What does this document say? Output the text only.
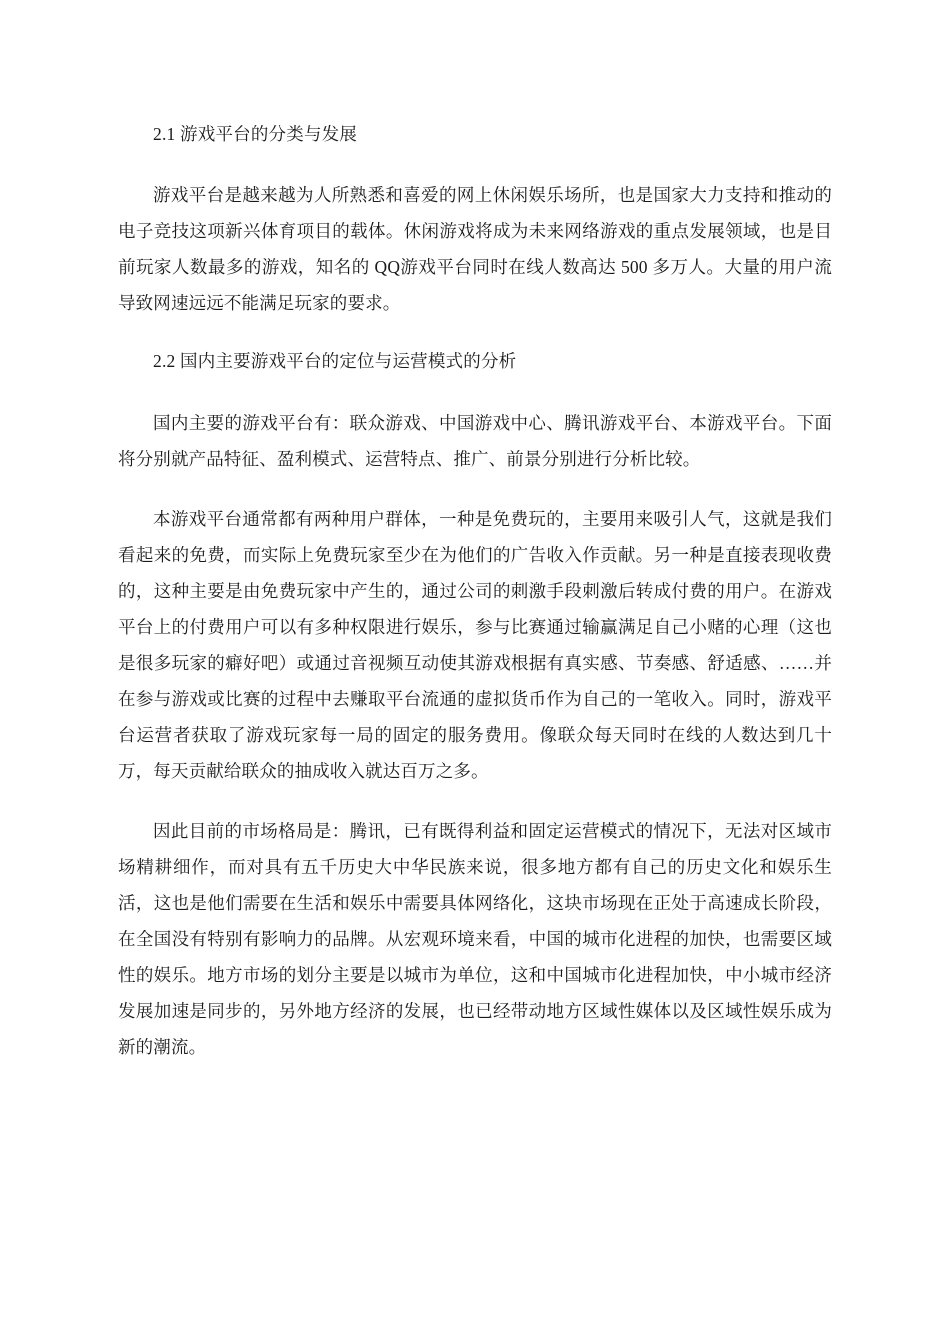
2.1 游戏平台的分类与发展

游戏平台是越来越为人所熟悉和喜爱的网上休闲娱乐场所，也是国家大力支持和推动的电子竞技这项新兴体育项目的载体。休闲游戏将成为未来网络游戏的重点发展领域，也是目前玩家人数最多的游戏，知名的 QQ游戏平台同时在线人数高达 500 多万人。大量的用户流导致网速远远不能满足玩家的要求。

2.2 国内主要游戏平台的定位与运营模式的分析

国内主要的游戏平台有：联众游戏、中国游戏中心、腾讯游戏平台、本游戏平台。下面将分别就产品特征、盈利模式、运营特点、推广、前景分别进行分析比较。

本游戏平台通常都有两种用户群体，一种是免费玩的，主要用来吸引人气，这就是我们看起来的免费，而实际上免费玩家至少在为他们的广告收入作贡献。另一种是直接表现收费的，这种主要是由免费玩家中产生的，通过公司的刺激手段刺激后转成付费的用户。在游戏平台上的付费用户可以有多种权限进行娱乐，参与比赛通过输赢满足自己小赌的心理（这也是很多玩家的癖好吧）或通过音视频互动使其游戏根据有真实感、节奏感、舒适感、……并在参与游戏或比赛的过程中去赚取平台流通的虚拟货币作为自己的一笔收入。同时，游戏平台运营者获取了游戏玩家每一局的固定的服务费用。像联众每天同时在线的人数达到几十万，每天贡献给联众的抽成收入就达百万之多。

因此目前的市场格局是：腾讯，已有既得利益和固定运营模式的情况下，无法对区域市场精耕细作，而对具有五千历史大中华民族来说，很多地方都有自己的历史文化和娱乐生活，这也是他们需要在生活和娱乐中需要具体网络化，这块市场现在正处于高速成长阶段，在全国没有特别有影响力的品牌。从宏观环境来看，中国的城市化进程的加快，也需要区域性的娱乐。地方市场的划分主要是以城市为单位，这和中国城市化进程加快，中小城市经济发展加速是同步的，另外地方经济的发展，也已经带动地方区域性媒体以及区域性娱乐成为新的潮流。
